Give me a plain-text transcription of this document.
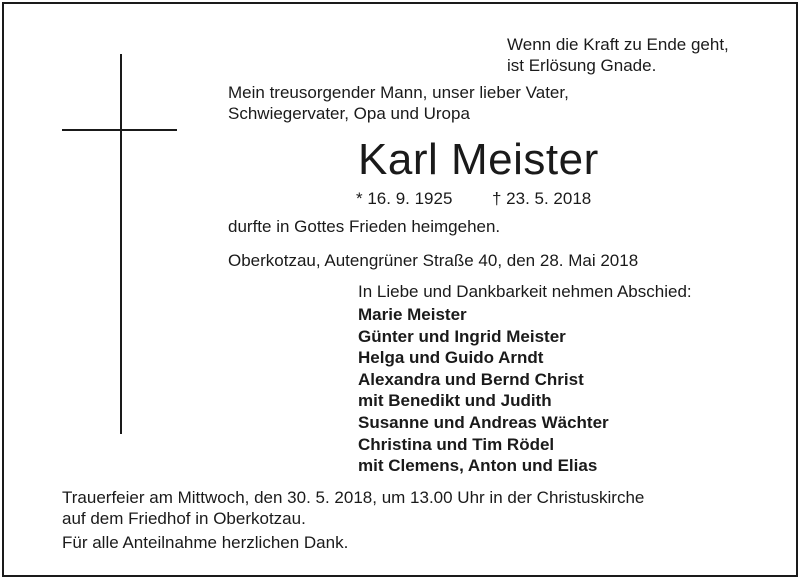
Wenn die Kraft zu Ende geht,
ist Erlösung Gnade.
Mein treusorgender Mann, unser lieber Vater,
Schwiegervater, Opa und Uropa
Karl Meister
* 16. 9. 1925 † 23. 5. 2018
durfte in Gottes Frieden heimgehen.
Oberkotzau, Autengrüner Straße 40, den 28. Mai 2018
In Liebe und Dankbarkeit nehmen Abschied:
Marie Meister
Günter und Ingrid Meister
Helga und Guido Arndt
Alexandra und Bernd Christ
mit Benedikt und Judith
Susanne und Andreas Wächter
Christina und Tim Rödel
mit Clemens, Anton und Elias
Trauerfeier am Mittwoch, den 30. 5. 2018, um 13.00 Uhr in der Christuskirche
auf dem Friedhof in Oberkotzau.
Für alle Anteilnahme herzlichen Dank.
